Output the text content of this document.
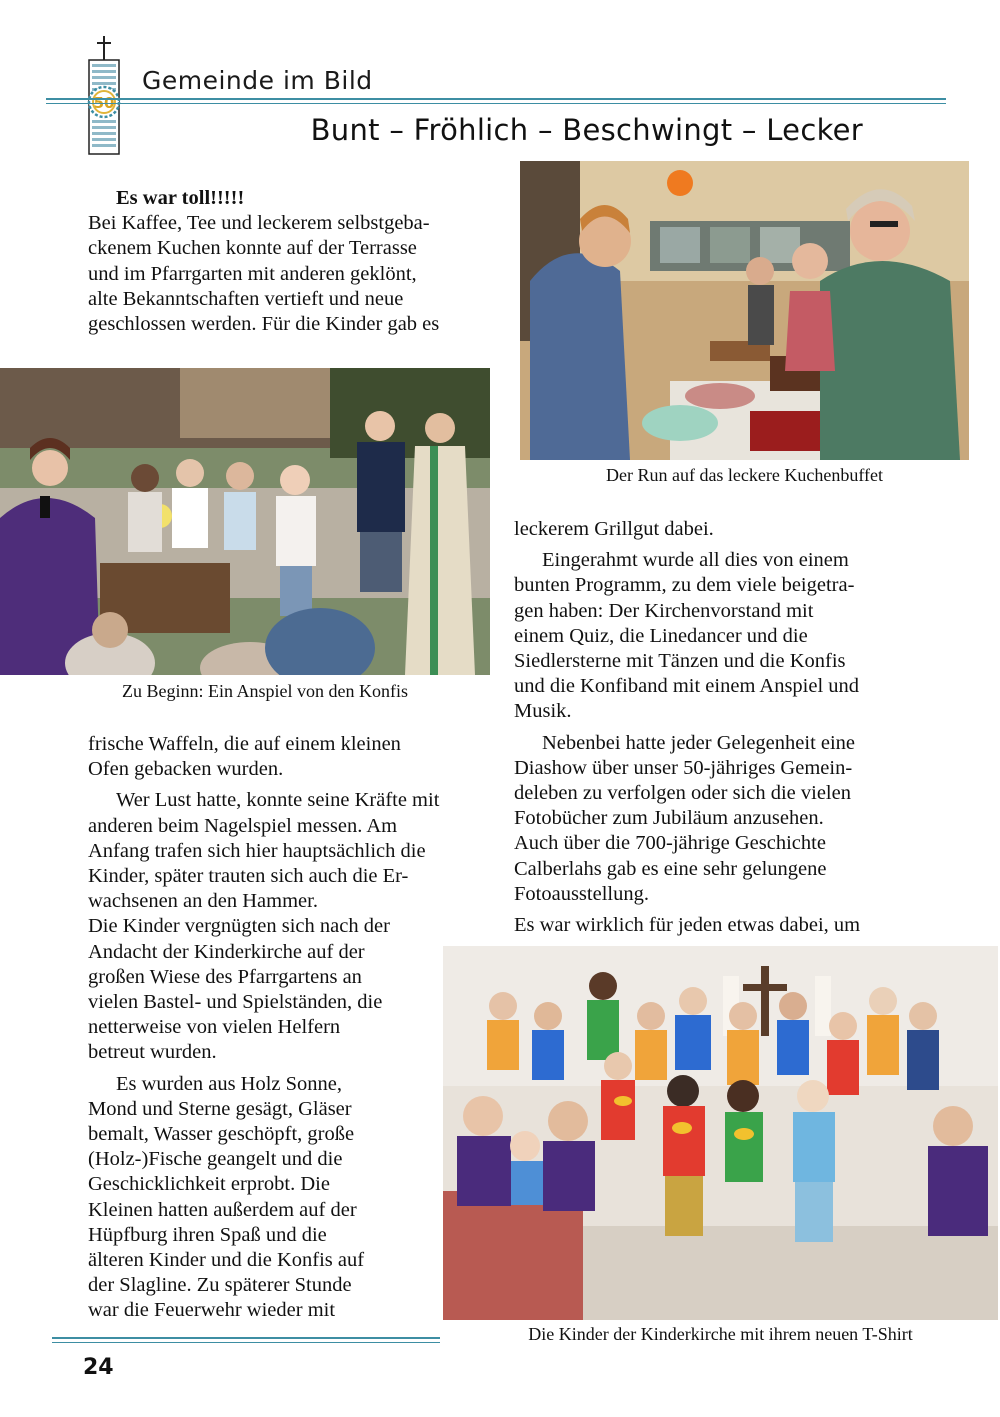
50
Gemeinde im Bild
Bunt – Fröhlich – Beschwingt – Lecker

Es war toll!!!!!

Bei Kaffee, Tee und leckerem selbstgeba-

ckenem Kuchen konnte auf der Terrasse

und im Pfarrgarten mit anderen geklönt,

alte Bekanntschaften vertieft und neue

geschlossen werden. Für die Kinder gab es

Der Run auf das leckere Kuchenbuffet
Zu Beginn: Ein Anspiel von den Konfis

frische Waffeln, die auf einem kleinen

Ofen gebacken wurden.

Wer Lust hatte, konnte seine Kräfte mit

anderen beim Nagelspiel messen. Am

Anfang trafen sich hier hauptsächlich die

Kinder, später trauten sich auch die Er-

wachsenen an den Hammer.

Die Kinder vergnügten sich nach der

Andacht der Kinderkirche auf der

großen Wiese des Pfarrgartens an

vielen Bastel- und Spielständen, die

netterweise von vielen Helfern

betreut wurden.

Es wurden aus Holz Sonne,

Mond und Sterne gesägt, Gläser

bemalt, Wasser geschöpft, große

(Holz-)Fische geangelt und die

Geschicklichkeit erprobt. Die

Kleinen hatten außerdem auf der

Hüpfburg ihren Spaß und die

älteren Kinder und die Konfis auf

der Slagline. Zu späterer Stunde

war die Feuerwehr wieder mit

leckerem Grillgut dabei.

Eingerahmt wurde all dies von einem

bunten Programm, zu dem viele beigetra-

gen haben: Der Kirchenvorstand mit

einem Quiz, die Linedancer und die

Siedlersterne mit Tänzen und die Konfis

und die Konfiband mit einem Anspiel und

Musik.

Nebenbei hatte jeder Gelegenheit eine

Diashow über unser 50-jähriges Gemein-

deleben zu verfolgen oder sich die vielen

Fotobücher zum Jubiläum anzusehen.

Auch über die 700-jährige Geschichte

Calberlahs gab es eine sehr gelungene

Fotoausstellung.

Es war wirklich für jeden etwas dabei, um

Die Kinder der Kinderkirche mit ihrem neuen T-Shirt
24
